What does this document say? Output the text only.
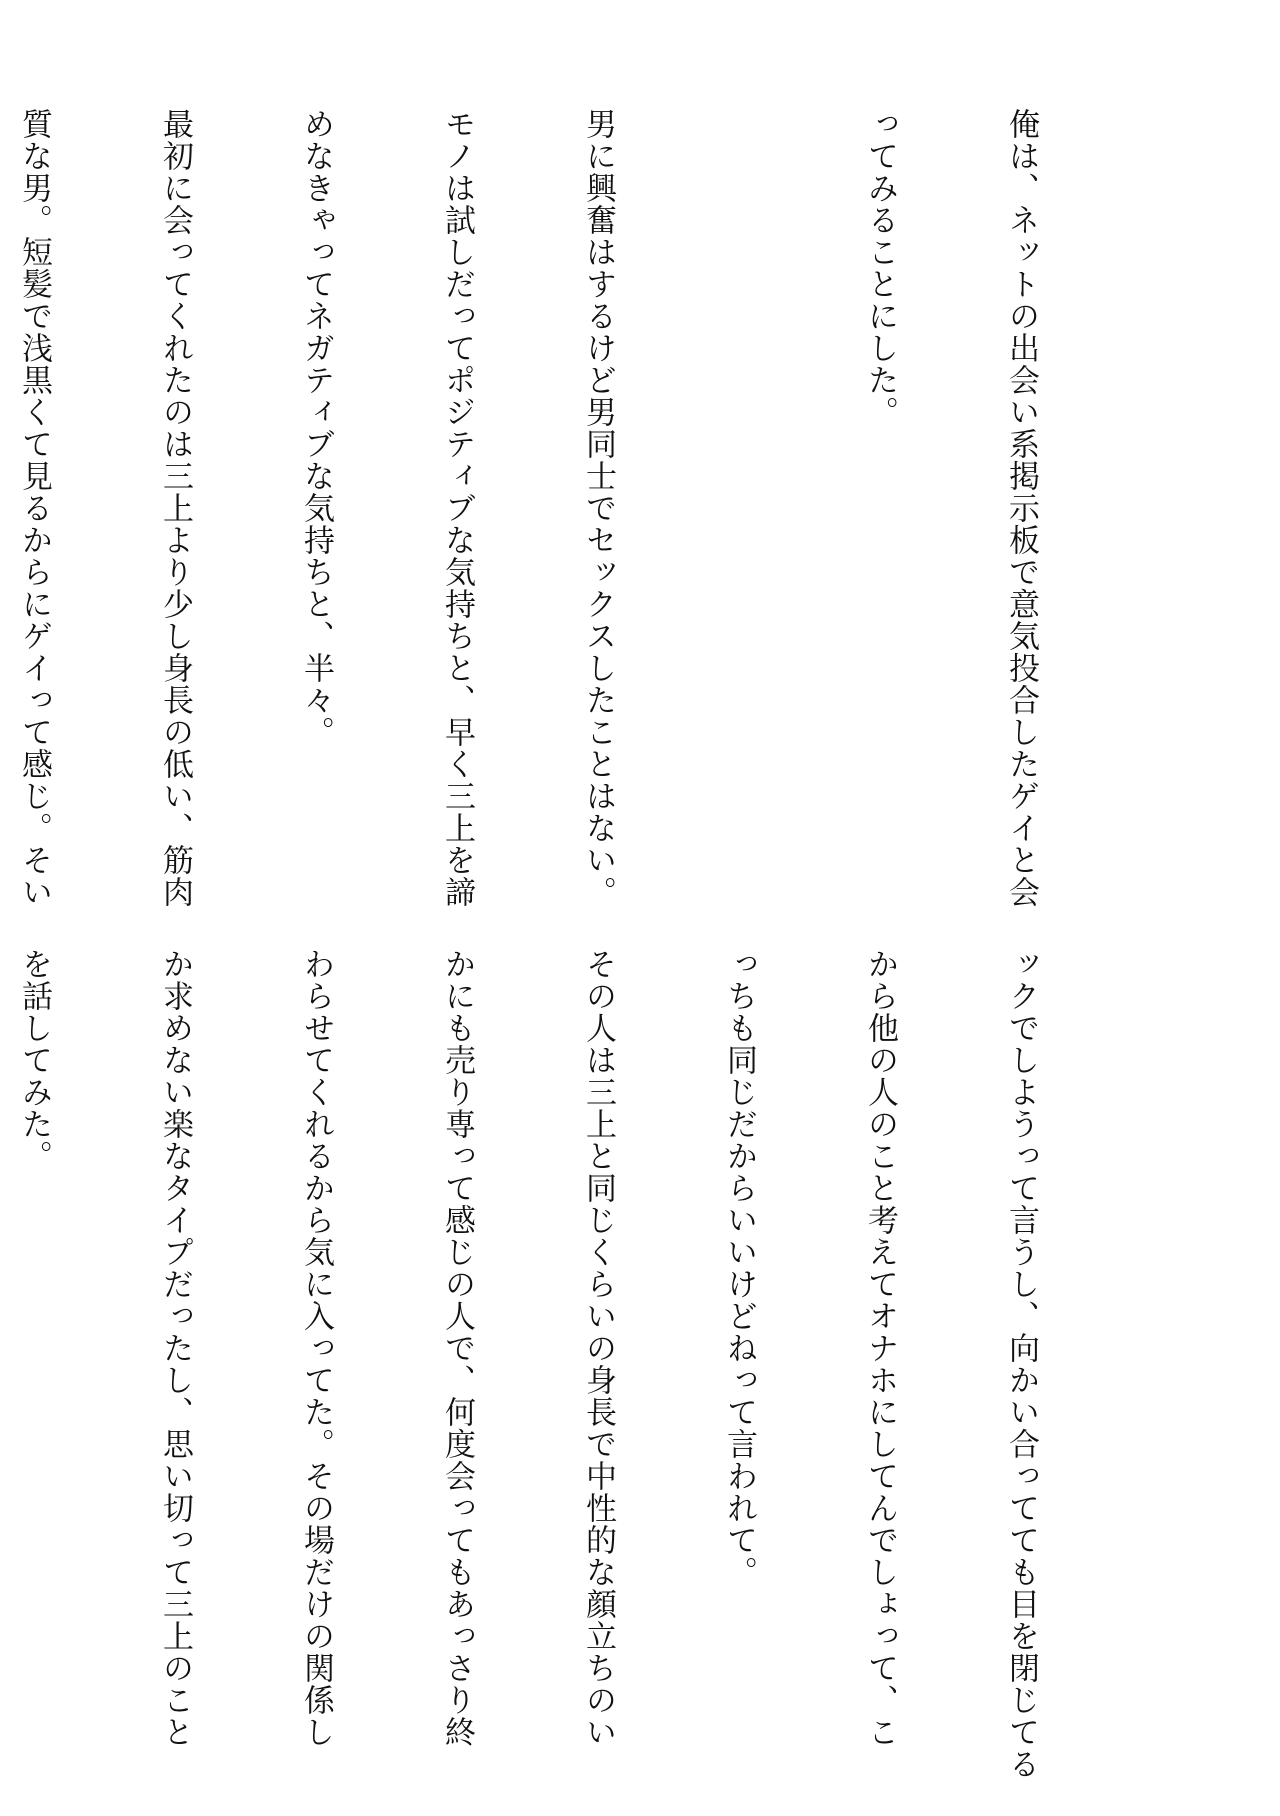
俺は、ネットの出会い系掲示板で意気投合したゲイと会

ってみることにした。

男に興奮はするけど男同士でセックスしたことはない。

モノは試しだってポジティブな気持ちと、早く三上を諦

めなきゃってネガティブな気持ちと、半々。

最初に会ってくれたのは三上より少し身長の低い、筋肉

質な男。短髪で浅黒くて見るからにゲイって感じ。そい

ックでしようって言うし、向かい合ってても目を閉じてる

から他の人のこと考えてオナホにしてんでしょって、こ

っちも同じだからいいけどねって言われて。

その人は三上と同じくらいの身長で中性的な顔立ちのい

かにも売り専って感じの人で、何度会ってもあっさり終

わらせてくれるから気に入ってた。その場だけの関係し

か求めない楽なタイプだったし、思い切って三上のこと

を話してみた。
